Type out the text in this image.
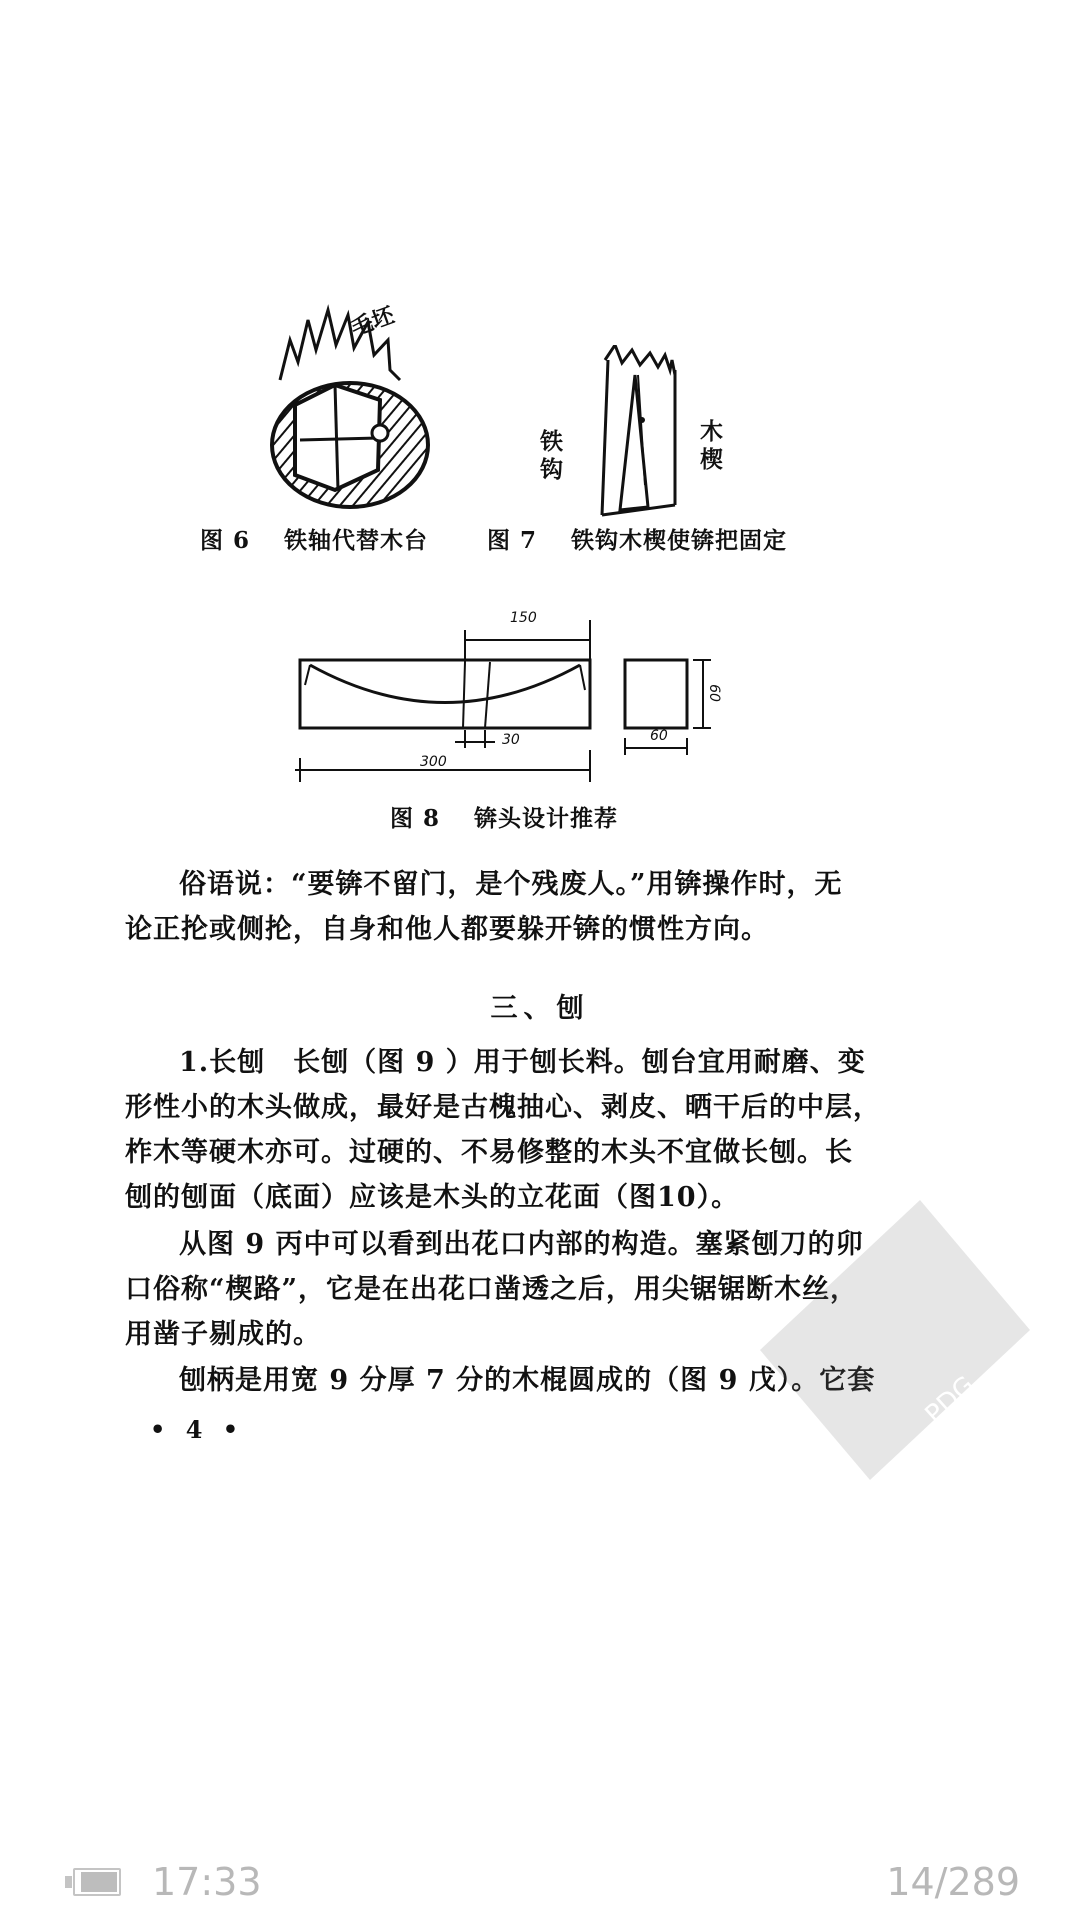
毛坯
铁钩
木楔
图 6 铁轴代替木台	图 7 铁钩木楔使锛把固定
150
30
300
60
60
图 8 锛头设计推荐

俗语说：“要锛不留门，是个残废人。”用锛操作时，无

论正抡或侧抡，自身和他人都要躲开锛的惯性方向。

三、刨

1.长刨　长刨（图 9 ）用于刨长料。刨台宜用耐磨、变

形性小的木头做成，最好是古槐抽心、剥皮、晒干后的中层，

柞木等硬木亦可。过硬的、不易修整的木头不宜做长刨。长

刨的刨面（底面）应该是木头的立花面（图10）。

从图 9 丙中可以看到出花口内部的构造。塞紧刨刀的卯

口俗称“楔路”，它是在出花口凿透之后，用尖锯锯断木丝，

用凿子剔成的。

刨柄是用宽 9 分厚 7 分的木棍圆成的（图 9 戊）。它套

• 4 •	PDG
17:33	14/289
